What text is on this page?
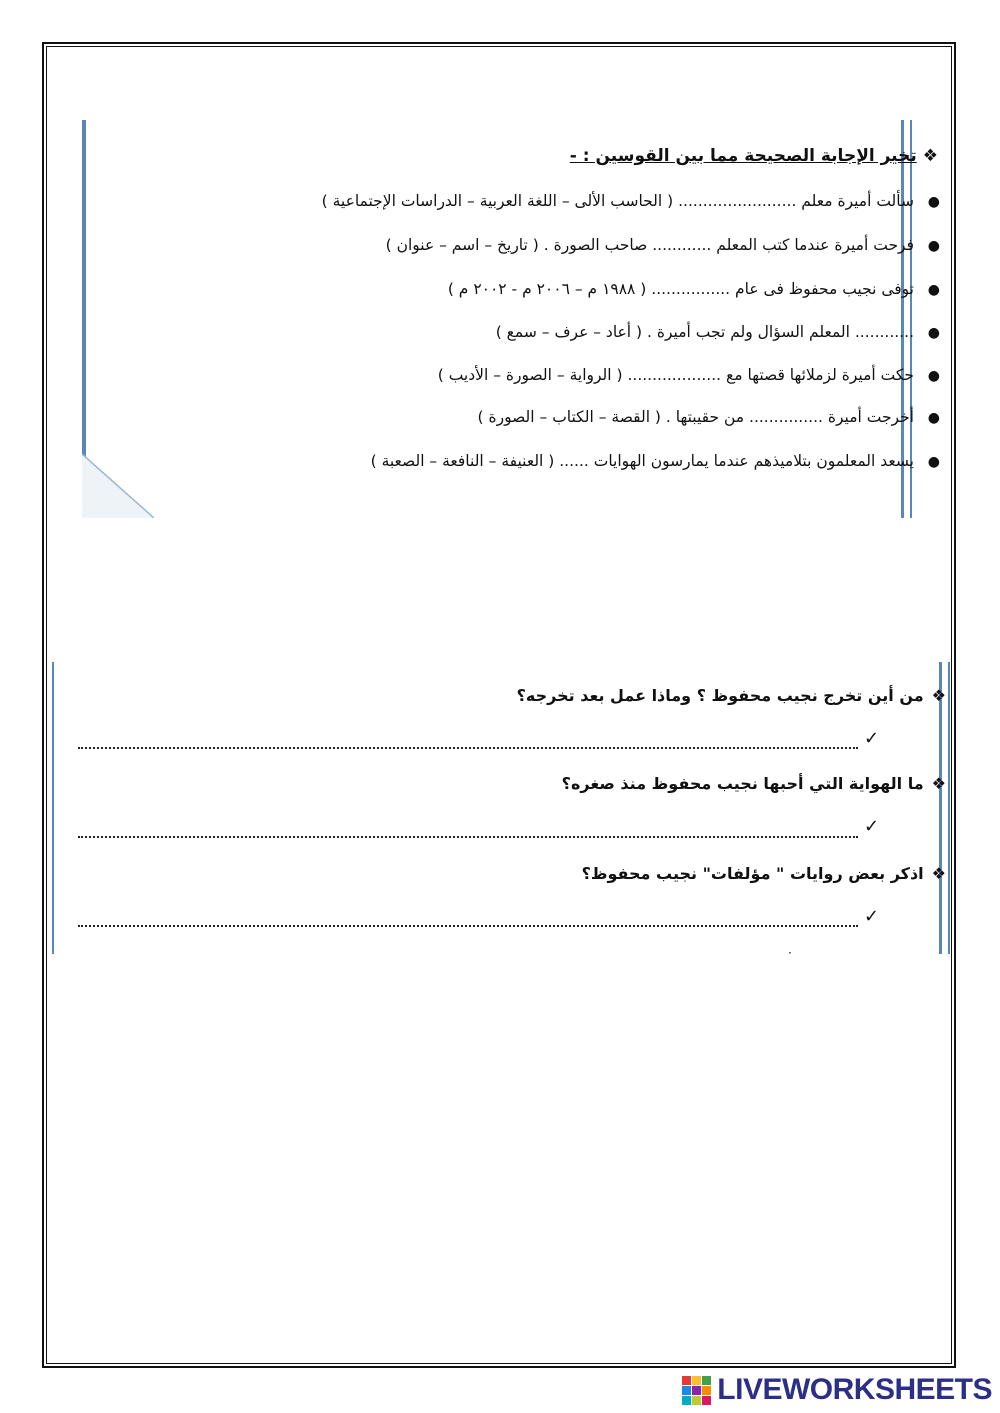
❖تخير الإجابة الصحيحة مما بين القوسين : -
●سألت أميرة معلم ........................ ( الحاسب الألى – اللغة العربية – الدراسات الإجتماعية )
●فرحت أميرة عندما كتب المعلم ............ صاحب الصورة . ( تاريخ – اسم – عنوان )
●توفى نجيب محفوظ فى عام ................ ( ١٩٨٨ م – ٢٠٠٦ م - ٢٠٠٢ م )
●............ المعلم السؤال ولم تجب أميرة . ( أعاد – عرف – سمع )
●حكت أميرة لزملائها قصتها مع ................... ( الرواية – الصورة – الأديب )
●أخرجت أميرة ............... من حقيبتها . ( القصة – الكتاب – الصورة )
●يسعد المعلمون بتلاميذهم عندما يمارسون الهوايات ...... ( العنيفة – النافعة – الصعبة )
❖من أين تخرج نجيب محفوظ ؟ وماذا عمل بعد تخرجه؟
✓
❖ما الهواية التي أحبها نجيب محفوظ منذ صغره؟
✓
❖اذكر بعض روايات " مؤلفات" نجيب محفوظ؟
✓
·
LIVEWORKSHEETS
